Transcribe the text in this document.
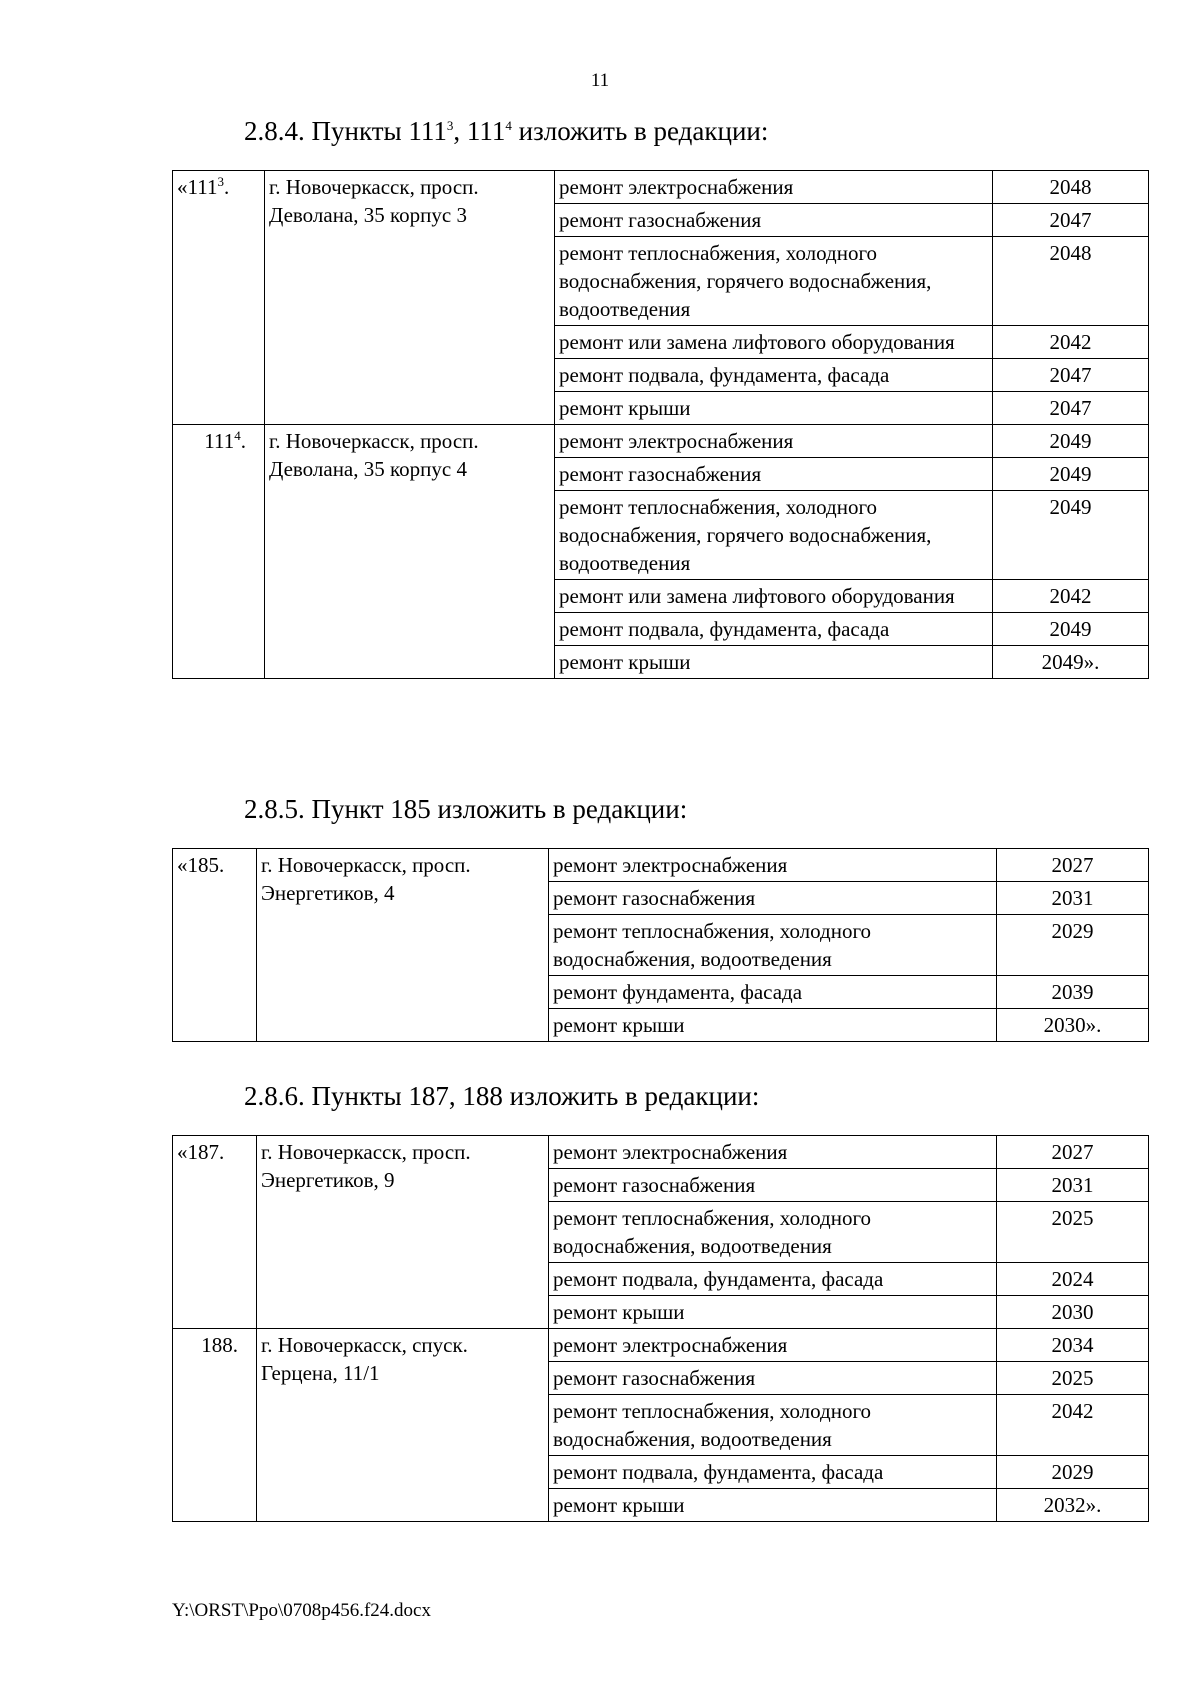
11
2.8.4. Пункты $111^3$, $111^4$ изложить в редакции:
«$111^3$.	г. Новочеркасск, просп. Деволана, 35 корпус 3	ремонт электроснабжения	2048
		ремонт газоснабжения	2047
		ремонт теплоснабжения, холодного водоснабжения, горячего водоснабжения, водоотведения	2048
		ремонт или замена лифтового оборудования	2042
		ремонт подвала, фундамента, фасада	2047
		ремонт крыши	2047
$111^4$.	г. Новочеркасск, просп. Деволана, 35 корпус 4	ремонт электроснабжения	2049
		ремонт газоснабжения	2049
		ремонт теплоснабжения, холодного водоснабжения, горячего водоснабжения, водоотведения	2049
		ремонт или замена лифтового оборудования	2042
		ремонт подвала, фундамента, фасада	2049
		ремонт крыши	2049».
2.8.5. Пункт 185 изложить в редакции:
«185.	г. Новочеркасск, просп. Энергетиков, 4	ремонт электроснабжения	2027
		ремонт газоснабжения	2031
		ремонт теплоснабжения, холодного водоснабжения, водоотведения	2029
		ремонт фундамента, фасада	2039
		ремонт крыши	2030».
2.8.6. Пункты 187, 188 изложить в редакции:
«187.	г. Новочеркасск, просп. Энергетиков, 9	ремонт электроснабжения	2027
		ремонт газоснабжения	2031
		ремонт теплоснабжения, холодного водоснабжения, водоотведения	2025
		ремонт подвала, фундамента, фасада	2024
		ремонт крыши	2030
188.	г. Новочеркасск, спуск. Герцена, 11/1	ремонт электроснабжения	2034
		ремонт газоснабжения	2025
		ремонт теплоснабжения, холодного водоснабжения, водоотведения	2042
		ремонт подвала, фундамента, фасада	2029
		ремонт крыши	2032».
Y:\ORST\Ppo\0708p456.f24.docx
